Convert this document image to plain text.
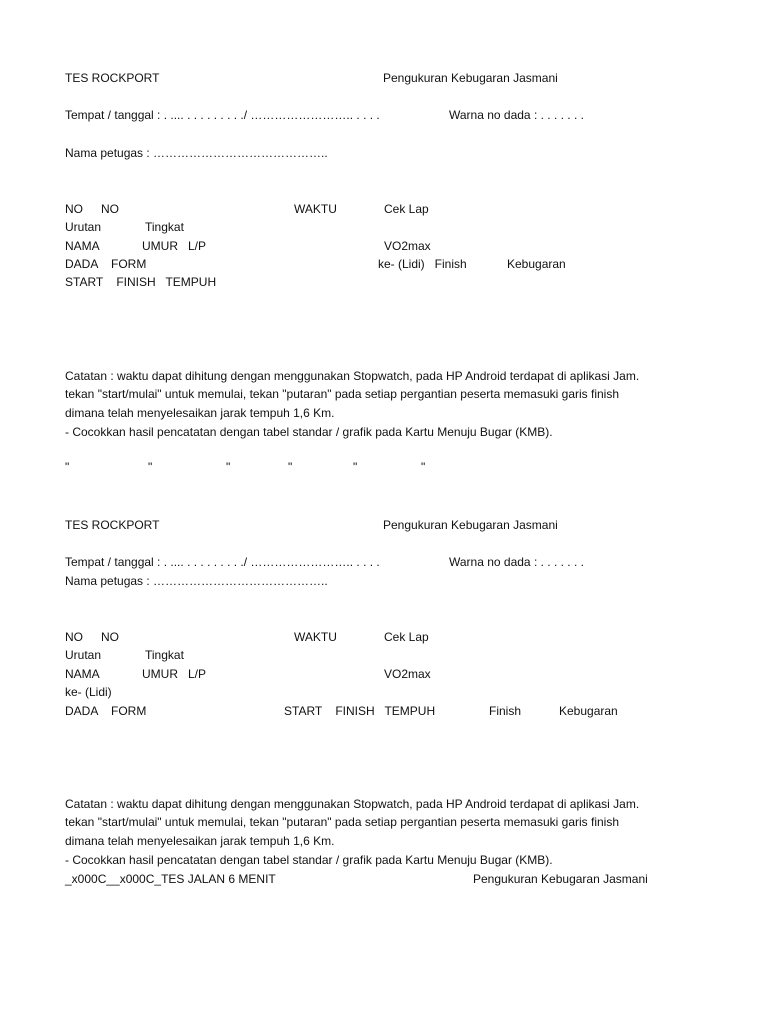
TES ROCKPORT	Pengukuran Kebugaran Jasmani
Tempat / tanggal : . .... . . . . . . . . ./ …………………….. . . . .	Warna no dada : . . . . . . .
Nama petugas : ……………………………………..
NO NO	WAKTU	Cek Lap
Urutan	Tingkat
NAMA	UMUR   L/P	VO2max
DADA    FORM	ke- (Lidi)   Finish	Kebugaran
START    FINISH   TEMPUH
Catatan : waktu dapat dihitung dengan menggunakan Stopwatch, pada HP Android terdapat di aplikasi Jam.
tekan "start/mulai" untuk memulai, tekan "putaran" pada setiap pergantian peserta memasuki garis finish
dimana telah menyelesaikan jarak tempuh 1,6 Km.
- Cocokkan hasil pencatatan dengan tabel standar / grafik pada Kartu Menuju Bugar (KMB).
"	"	"	"	"	"
TES ROCKPORT	Pengukuran Kebugaran Jasmani
Tempat / tanggal : . .... . . . . . . . . ./ …………………….. . . . .	Warna no dada : . . . . . . .
Nama petugas : ……………………………………..
NO NO	WAKTU	Cek Lap
Urutan	Tingkat
NAMA	UMUR   L/P	VO2max
ke- (Lidi)
DADA    FORM	START    FINISH   TEMPUH	Finish	Kebugaran
Catatan : waktu dapat dihitung dengan menggunakan Stopwatch, pada HP Android terdapat di aplikasi Jam.
tekan "start/mulai" untuk memulai, tekan "putaran" pada setiap pergantian peserta memasuki garis finish
dimana telah menyelesaikan jarak tempuh 1,6 Km.
- Cocokkan hasil pencatatan dengan tabel standar / grafik pada Kartu Menuju Bugar (KMB).
_x000C__x000C_TES JALAN 6 MENIT	Pengukuran Kebugaran Jasmani
